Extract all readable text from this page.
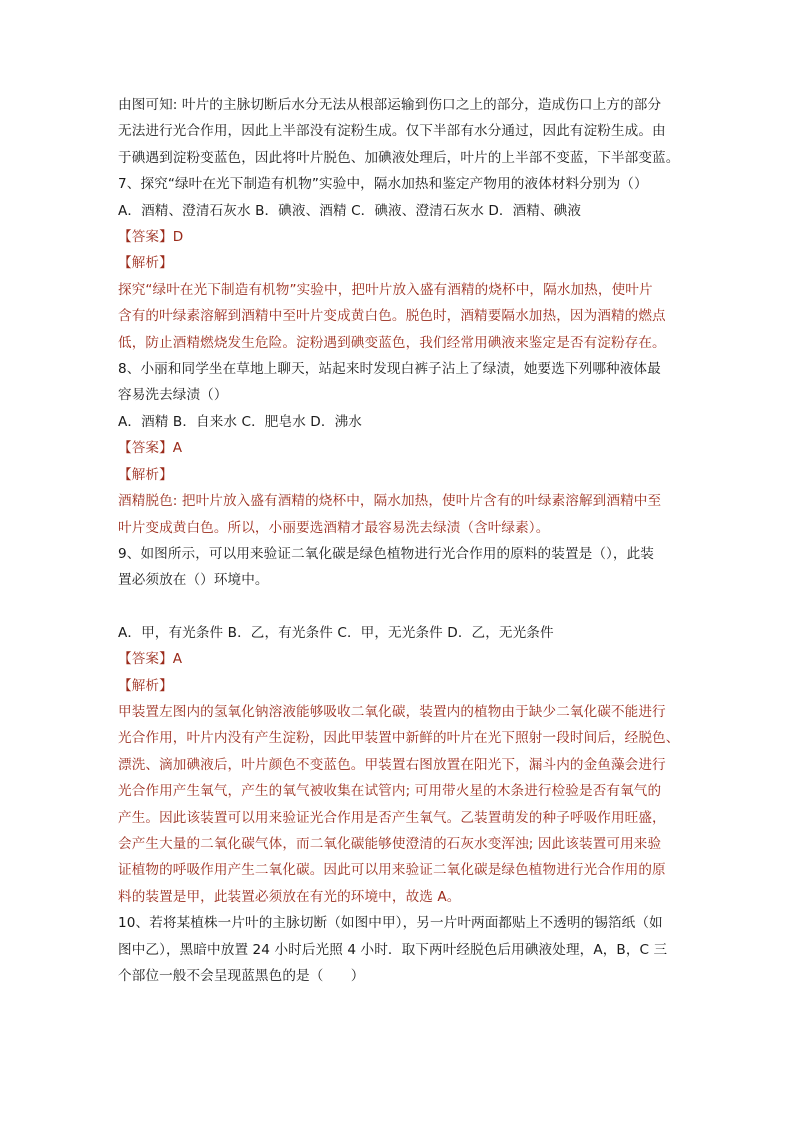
由图可知: 叶片的主脉切断后水分无法从根部运输到伤口之上的部分，造成伤口上方的部分
无法进行光合作用，因此上半部没有淀粉生成。仅下半部有水分通过，因此有淀粉生成。由
于碘遇到淀粉变蓝色，因此将叶片脱色、加碘液处理后，叶片的上半部不变蓝，下半部变蓝。
7、探究“绿叶在光下制造有机物”实验中，隔水加热和鉴定产物用的液体材料分别为（）
A．酒精、澄清石灰水 B．碘液、酒精 C．碘液、澄清石灰水 D．酒精、碘液
【答案】D
【解析】
探究“绿叶在光下制造有机物”实验中，把叶片放入盛有酒精的烧杯中，隔水加热，使叶片
含有的叶绿素溶解到酒精中至叶片变成黄白色。脱色时，酒精要隔水加热，因为酒精的燃点
低，防止酒精燃烧发生危险。淀粉遇到碘变蓝色，我们经常用碘液来鉴定是否有淀粉存在。
8、小丽和同学坐在草地上聊天，站起来时发现白裤子沾上了绿渍，她要选下列哪种液体最
容易洗去绿渍（）
A．酒精 B．自来水 C．肥皂水 D．沸水
【答案】A
【解析】
酒精脱色: 把叶片放入盛有酒精的烧杯中，隔水加热，使叶片含有的叶绿素溶解到酒精中至
叶片变成黄白色。所以，小丽要选酒精才最容易洗去绿渍（含叶绿素）。
9、如图所示，可以用来验证二氧化碳是绿色植物进行光合作用的原料的装置是（），此装
置必须放在（）环境中。
A．甲，有光条件 B．乙，有光条件 C．甲，无光条件 D．乙，无光条件
【答案】A
【解析】
甲装置左图内的氢氧化钠溶液能够吸收二氧化碳，装置内的植物由于缺少二氧化碳不能进行
光合作用，叶片内没有产生淀粉，因此甲装置中新鲜的叶片在光下照射一段时间后，经脱色、
漂洗、滴加碘液后，叶片颜色不变蓝色。甲装置右图放置在阳光下，漏斗内的金鱼藻会进行
光合作用产生氧气，产生的氧气被收集在试管内; 可用带火星的木条进行检验是否有氧气的
产生。因此该装置可以用来验证光合作用是否产生氧气。乙装置萌发的种子呼吸作用旺盛，
会产生大量的二氧化碳气体，而二氧化碳能够使澄清的石灰水变浑浊; 因此该装置可用来验
证植物的呼吸作用产生二氧化碳。因此可以用来验证二氧化碳是绿色植物进行光合作用的原
料的装置是甲，此装置必须放在有光的环境中，故选 A。
10、若将某植株一片叶的主脉切断（如图中甲），另一片叶两面都贴上不透明的锡箔纸（如
图中乙），黑暗中放置 24 小时后光照 4 小时．取下两叶经脱色后用碘液处理，A，B，C 三
个部位一般不会呈现蓝黑色的是（　　）
